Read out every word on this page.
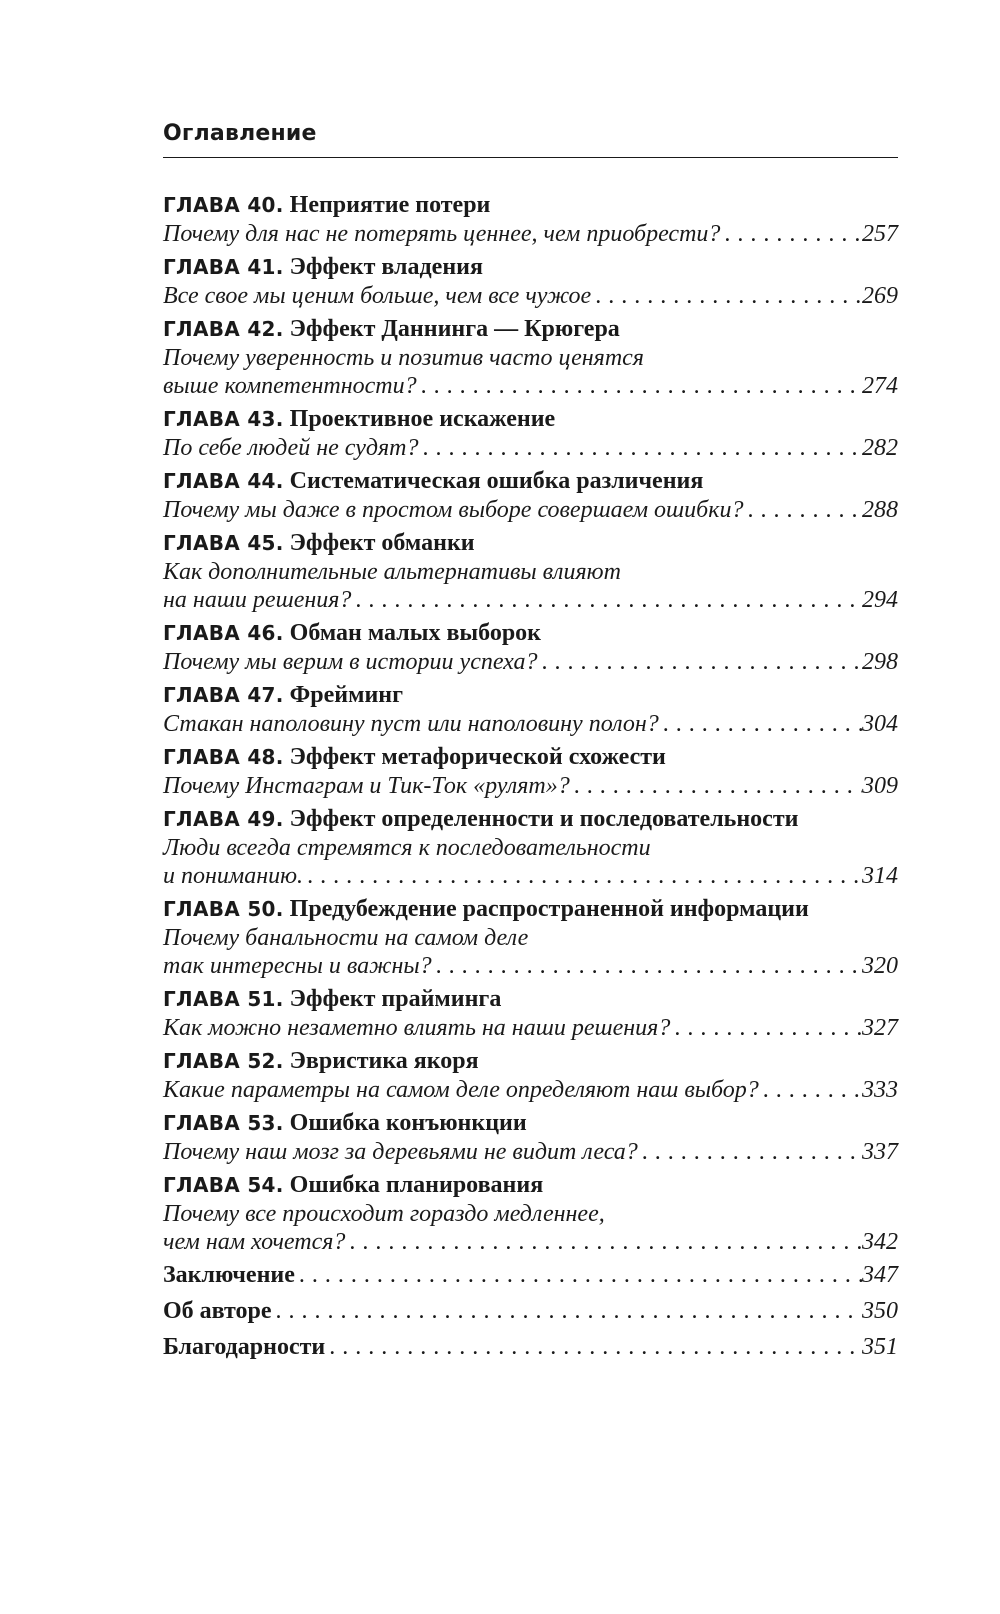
Оглавление
ГЛАВА 40. Неприятие потери
Почему для нас не потерять ценнее, чем приобрести? . . .	257
ГЛАВА 41. Эффект владения
Все свое мы ценим больше, чем все чужое . . .	269
ГЛАВА 42. Эффект Даннинга — Крюгера
Почему уверенность и позитив часто ценятся
выше компетентности? . . .	274
ГЛАВА 43. Проективное искажение
По себе людей не судят? . . .	282
ГЛАВА 44. Систематическая ошибка различения
Почему мы даже в простом выборе совершаем ошибки? . . .	288
ГЛАВА 45. Эффект обманки
Как дополнительные альтернативы влияют
на наши решения? . . .	294
ГЛАВА 46. Обман малых выборок
Почему мы верим в истории успеха? . . .	298
ГЛАВА 47. Фрейминг
Стакан наполовину пуст или наполовину полон? . . .	304
ГЛАВА 48. Эффект метафорической схожести
Почему Инстаграм и Тик-Ток «рулят»? . . .	309
ГЛАВА 49. Эффект определенности и последовательности
Люди всегда стремятся к последовательности
и пониманию. . . .	314
ГЛАВА 50. Предубеждение распространенной информации
Почему банальности на самом деле
так интересны и важны? . . .	320
ГЛАВА 51. Эффект прайминга
Как можно незаметно влиять на наши решения? . . .	327
ГЛАВА 52. Эвристика якоря
Какие параметры на самом деле определяют наш выбор? . . .	333
ГЛАВА 53. Ошибка конъюнкции
Почему наш мозг за деревьями не видит леса? . . .	337
ГЛАВА 54. Ошибка планирования
Почему все происходит гораздо медленнее,
чем нам хочется? . . .	342
Заключение . . .	347
Об авторе . . .	350
Благодарности . . .	351
